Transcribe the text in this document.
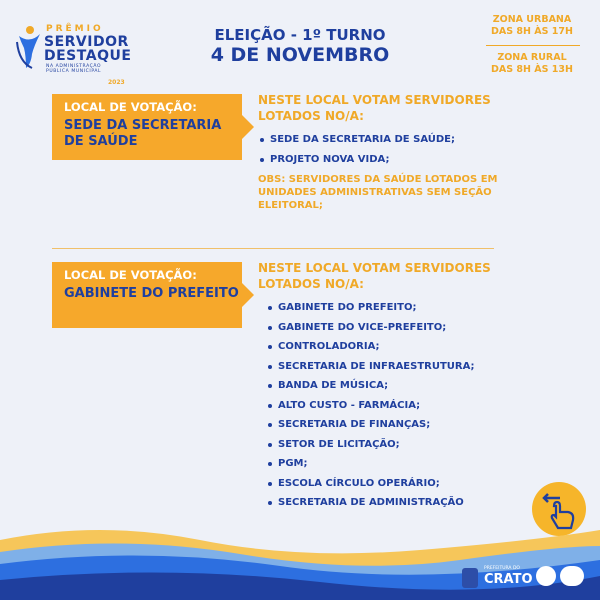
PRÊMIO
SERVIDOR
DESTAQUE
NA ADMINISTRAÇÃO PÚBLICA MUNICIPAL
2023
ELEIÇÃO - 1º TURNO
4 DE NOVEMBRO
ZONA URBANA
DAS 8H ÀS 17H
ZONA RURAL
DAS 8H ÀS 13H
LOCAL DE VOTAÇÃO:
SEDE DA SECRETARIA DE SAÚDE
NESTE LOCAL VOTAM SERVIDORES LOTADOS NO/A:
SEDE DA SECRETARIA DE SAÚDE;
PROJETO NOVA VIDA;
OBS: SERVIDORES DA SAÚDE LOTADOS EM UNIDADES ADMINISTRATIVAS SEM SEÇÃO ELEITORAL;
LOCAL DE VOTAÇÃO:
GABINETE DO PREFEITO
NESTE LOCAL VOTAM SERVIDORES LOTADOS NO/A:
GABINETE DO PREFEITO;
GABINETE DO VICE-PREFEITO;
CONTROLADORIA;
SECRETARIA DE INFRAESTRUTURA;
BANDA DE MÚSICA;
ALTO CUSTO - FARMÁCIA;
SECRETARIA DE FINANÇAS;
SETOR DE LICITAÇÃO;
PGM;
ESCOLA CÍRCULO OPERÁRIO;
SECRETARIA DE ADMINISTRAÇÃO
PREFEITURA DO
CRATO
